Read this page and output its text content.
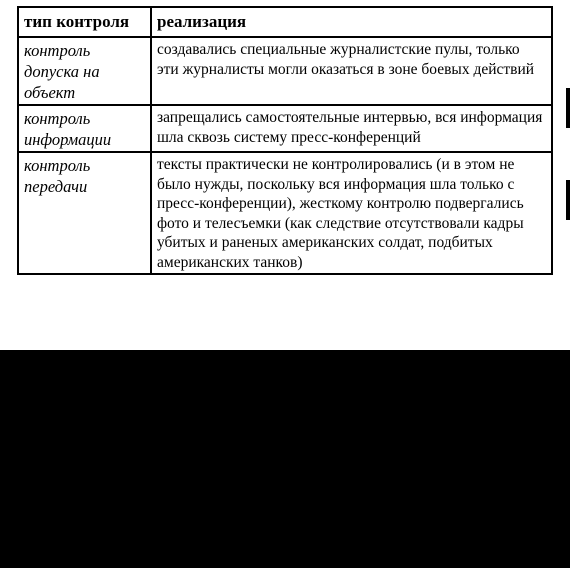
тип контроля	реализация
контроль допуска на объект	создавались специальные журналистские пулы, только эти журналисты могли оказаться в зоне боевых действий
контроль информации	запрещались самостоятельные интервью, вся информация шла сквозь систему пресс-конференций
контроль передачи	тексты практически не контролировались (и в этом не было нужды, поскольку вся информация шла только с пресс-конференции), жесткому контролю подвергались фото и телесъемки (как следствие отсутствовали кадры убитых и раненых американских солдат, подбитых американских танков)
